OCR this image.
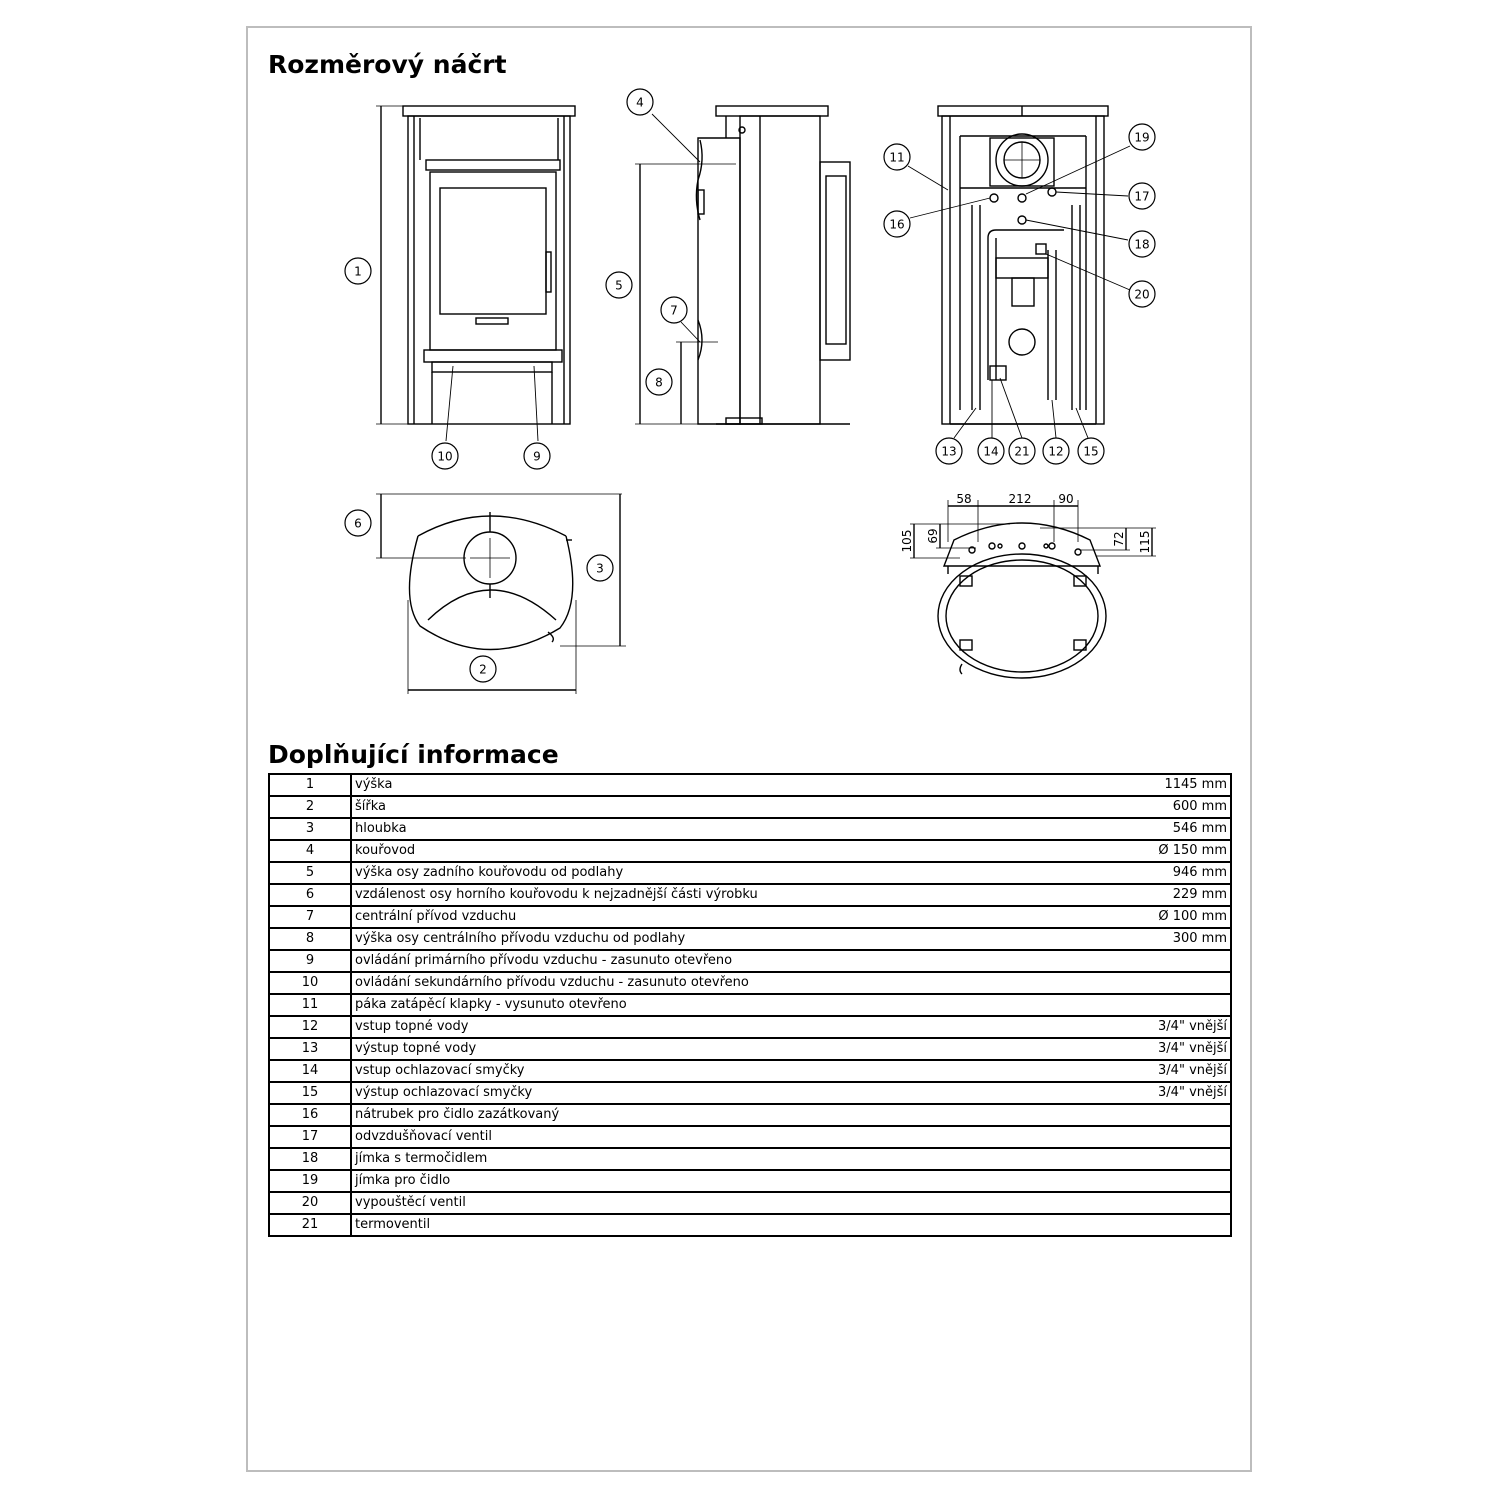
Rozměrový náčrt
1
2
3
4
5
6
7
8
9
10
11
12
13 14	15
16
17
18
19
20
21
58	212 90
105 69	72 115
Doplňující informace
1	výška	1145 mm
2	šířka	600 mm
3	hloubka	546 mm
4	kouřovod	Ø 150 mm
5	výška osy zadního kouřovodu od podlahy	946 mm
6	vzdálenost osy horního kouřovodu k nejzadnější části výrobku	229 mm
7	centrální přívod vzduchu	Ø 100 mm
8	výška osy centrálního přívodu vzduchu od podlahy	300 mm
9	ovládání primárního přívodu vzduchu - zasunuto otevřeno	
10	ovládání sekundárního přívodu vzduchu - zasunuto otevřeno	
11	páka zatápěcí klapky - vysunuto otevřeno	
12	vstup topné vody	3/4" vnější
13	výstup topné vody	3/4" vnější
14	vstup ochlazovací smyčky	3/4" vnější
15	výstup ochlazovací smyčky	3/4" vnější
16	nátrubek pro čidlo zazátkovaný	
17	odvzdušňovací ventil	
18	jímka s termočidlem	
19	jímka pro čidlo	
20	vypouštěcí ventil	
21	termoventil	
